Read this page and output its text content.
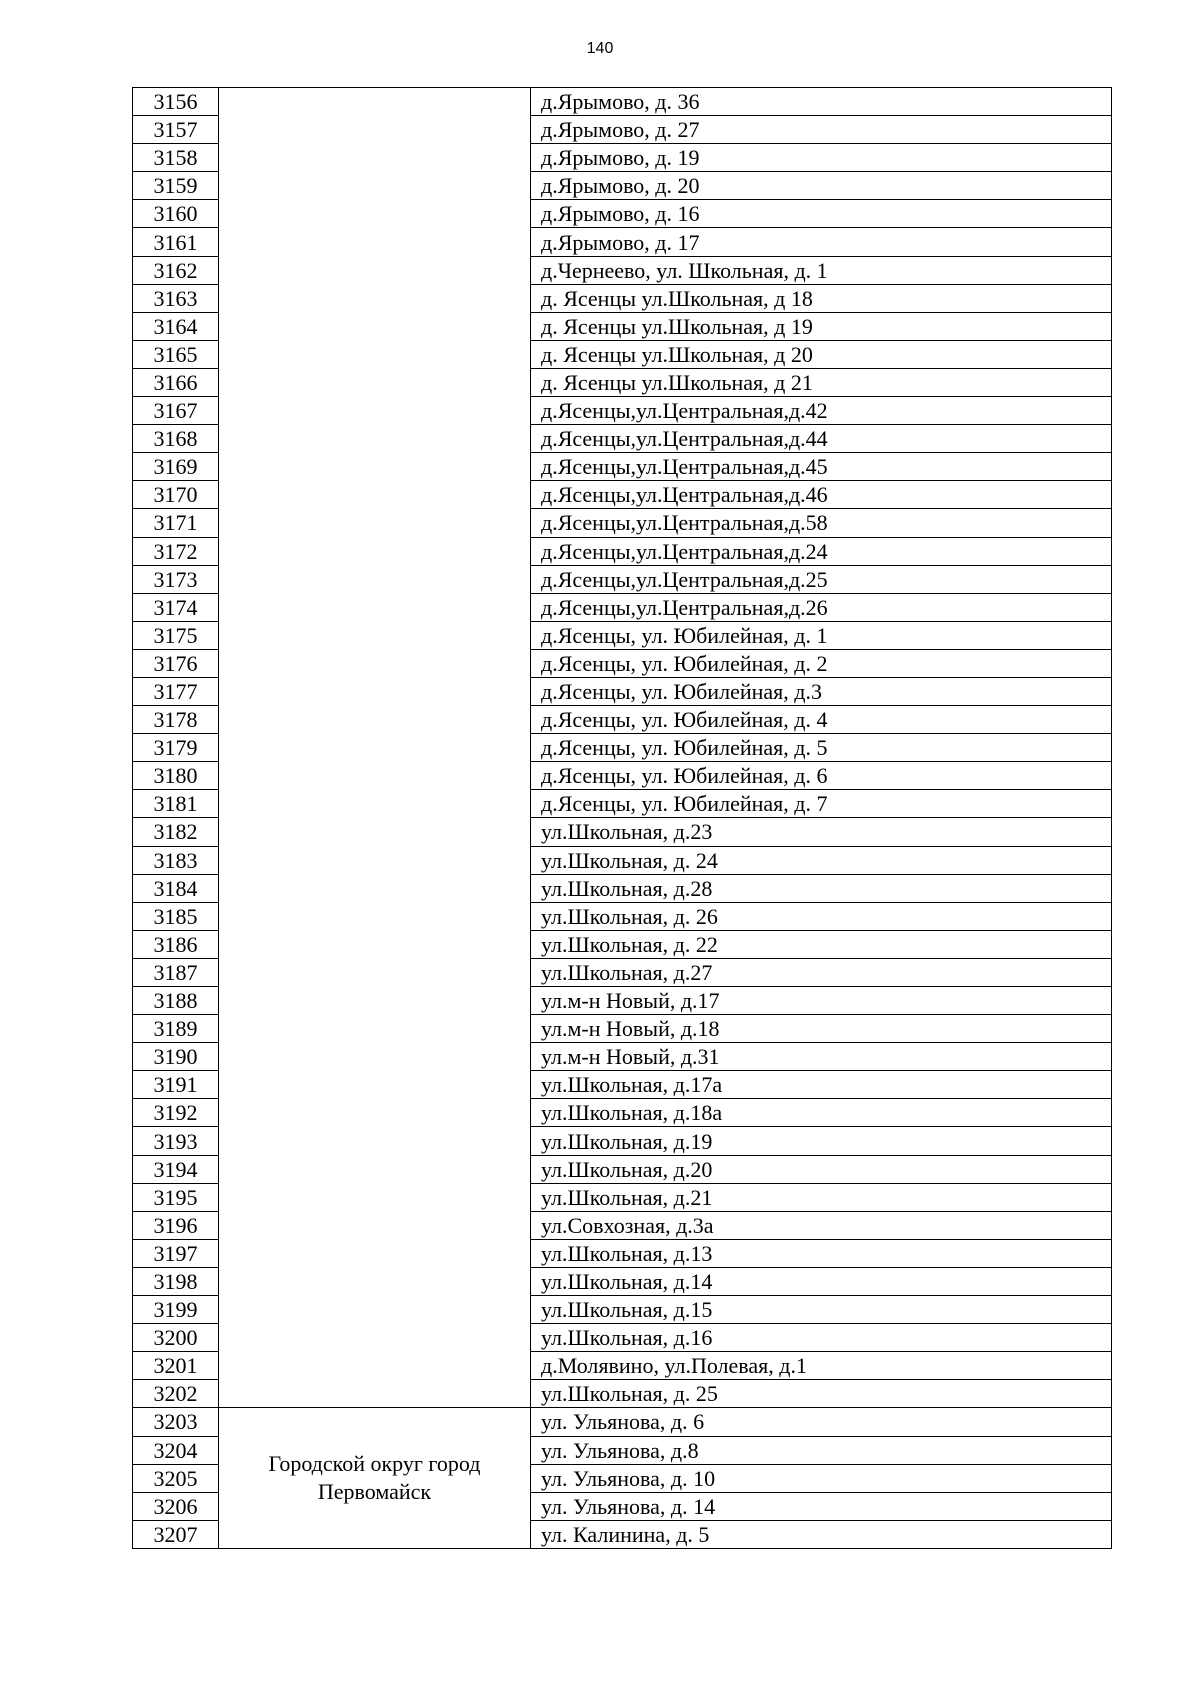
140
3156		д.Ярымово, д. 36
3157		д.Ярымово, д. 27
3158		д.Ярымово, д. 19
3159		д.Ярымово, д. 20
3160		д.Ярымово, д. 16
3161		д.Ярымово, д. 17
3162		д.Чернеево, ул. Школьная, д. 1
3163		д. Ясенцы ул.Школьная, д 18
3164		д. Ясенцы ул.Школьная, д 19
3165		д. Ясенцы ул.Школьная, д 20
3166		д. Ясенцы ул.Школьная, д 21
3167		д.Ясенцы,ул.Центральная,д.42
3168		д.Ясенцы,ул.Центральная,д.44
3169		д.Ясенцы,ул.Центральная,д.45
3170		д.Ясенцы,ул.Центральная,д.46
3171		д.Ясенцы,ул.Центральная,д.58
3172		д.Ясенцы,ул.Центральная,д.24
3173		д.Ясенцы,ул.Центральная,д.25
3174		д.Ясенцы,ул.Центральная,д.26
3175		д.Ясенцы, ул. Юбилейная, д. 1
3176		д.Ясенцы, ул. Юбилейная, д. 2
3177		д.Ясенцы, ул. Юбилейная, д.3
3178		д.Ясенцы, ул. Юбилейная, д. 4
3179		д.Ясенцы, ул. Юбилейная, д. 5
3180		д.Ясенцы, ул. Юбилейная, д. 6
3181		д.Ясенцы, ул. Юбилейная, д. 7
3182		ул.Школьная, д.23
3183		ул.Школьная, д. 24
3184		ул.Школьная, д.28
3185		ул.Школьная, д. 26
3186		ул.Школьная, д. 22
3187		ул.Школьная, д.27
3188		ул.м-н Новый, д.17
3189		ул.м-н Новый, д.18
3190		ул.м-н Новый, д.31
3191		ул.Школьная, д.17а
3192		ул.Школьная, д.18а
3193		ул.Школьная, д.19
3194		ул.Школьная, д.20
3195		ул.Школьная, д.21
3196		ул.Совхозная, д.3а
3197		ул.Школьная, д.13
3198		ул.Школьная, д.14
3199		ул.Школьная, д.15
3200		ул.Школьная, д.16
3201		д.Молявино, ул.Полевая, д.1
3202		ул.Школьная, д. 25
3203	Городской округ город Первомайск	ул. Ульянова, д. 6
3204		ул. Ульянова, д.8
3205		ул. Ульянова, д. 10
3206		ул. Ульянова, д. 14
3207		ул. Калинина, д. 5
